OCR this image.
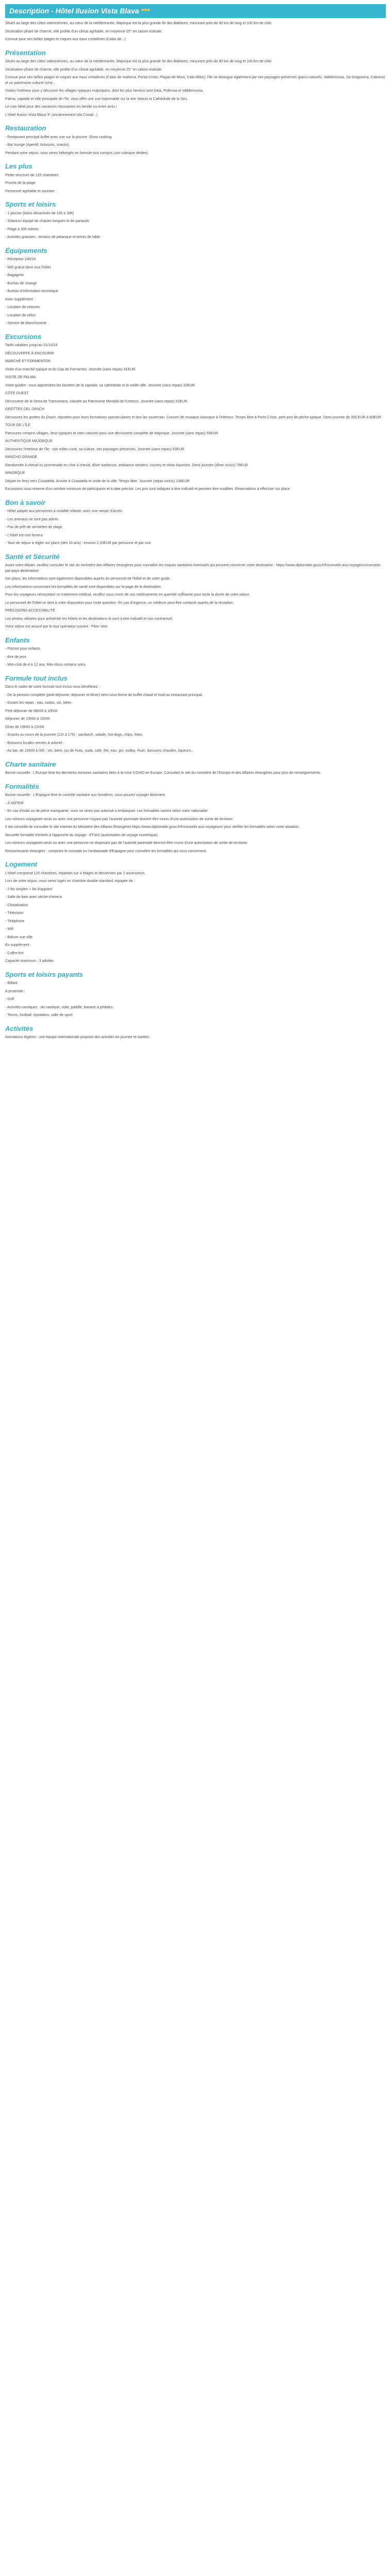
Description - Hôtel Ilusion Vista Blava ***

Situés au large des côtes valenciennes, au cœur de la méditerranée, Majorque est la plus grande île des Baléares, mesurant près de 80 km de long et 100 km de côte.

Destination phare de charme, elle profite d'un climat agréable, en moyenne 25° en saison estivale.

Connue pour ses belles plages et criques aux eaux cristallines (Calas de...)

Présentation

Situés au large des côtes valenciennes, au cœur de la méditerranée, Majorque est la plus grande île des Baléares, mesurant près de 80 km de long et 100 km de côte.

Destination phare de charme, elle profite d'un climat agréable, en moyenne 25° en saison estivale.

Connue pour ses belles plages et criques aux eaux cristallines (Calas de mallorca, Portal Cristo, Playas de Muro, Cala Millor), l'île se distingue également par ses paysages préservés (parcs naturels, Valldemossa, Sa Dragonera, Cabrera) et un patrimoine culturel riche...

Visitez l'intérieur pour y découvrir les villages typiques majorquins, dont les plus fameux sont Deià, Pollensa et Valldemossa.

Palma, capitale et ville principale de l'île, vous offre une vue imprenable sur la mer depuis la Cathédrale de la Seu.

Le coin idéal pour des vacances reposantes en famille ou entre amis !

L'hôtel Ilusion Vista Blava 3* (anciennement Isla Cristal...)

Restauration

- Restaurant principal buffet avec vue sur la piscine. Show cooking.

- Bar lounge (Aperitif, boissons, snacks)

Pendant votre séjour, vous serez hébergés en formule tout compris (voir rubrique dédiée).

Les plus

Petite structure de 125 chambres

Proche de la plage

Personnel agréable et souriant

Sports et loisirs

- 1 piscine (bains désactivés de 10h à 18h)

- Solarium équipé de chaises longues et de parasols

- Plage à 300 mètres

- Activités gratuites : terrains de pétanque et tennis de table

Équipements

- Réception 24h/24

- Wifi gratuit dans tout l'hôtel

- Bagagerie

- Bureau de change

- Bureau d'information touristique

Avec supplément :

- Location de voitures

- Location de vélos

- Service de blanchisserie

Excursions

Tarifs valables jusqu'au 31/10/24

DÉCOUVERTE À ENCOURIR

MARCHÉ ET FORMENTOR

Visite d'un marché typique et du Cap de Formentor. Journée (sans repas) 41EUR

VISITE DE PALMA

Visite guidée : vous apprendrez les facettes de la capitale, sa cathédrale et la vieille ville. Journée (sans repas) 32EUR

CÔTE OUEST

Découverte de la Serra de Tramuntana, classée au Patrimoine Mondial de l'Unesco. Journée (sans repas) 52EUR

GROTTES DEL DRACH

Découvrez les grottes du Drach, réputées pour leurs formations spectaculaires et leur lac souterrain. Concert de musique classique à l'intérieur. Temps libre à Porto Cristo, petit port de pêche typique. Demi journée de 350 EUR à 60EUR

TOUR DE L'ÎLE

Parcourez certains villages, lieux typiques et sites naturels pour une découverte complète de Majorque. Journée (sans repas) 55EUR

AUTHENTIQUE MAJORQUE

Découvrez l'intérieur de l'île : son milieu rural, sa culture, ses paysages préservés. Journée (sans repas) 53EUR

RANCHO GRANDE

Randonnée à cheval ou promenade en char à cheval, dîner barbecue, ambiance western, country et show équestre. Demi journée (dîner inclus) 78EUR

MINORQUE

Départ en ferry vers Ciutadella. Arrivée à Ciutadella et visite de la ville. Temps libre. Journée (repas inclus) 138EUR

Excursions sous réserve d'un nombre minimum de participants et à date précise. Les prix sont indiqués à titre indicatif et peuvent être modifiés. Réservations à effectuer sur place.

Bon à savoir

- Hôtel adapté aux personnes à mobilité réduite, avec une rampe d'accès.

- Les animaux ne sont pas admis.

- Pas de prêt de serviettes de plage.

- L'hôtel est non fumeur.

- Taxe de séjour à régler sur place (dès 16 ans) : environ 2,20EUR par personne et par nuit.

Santé et Sécurité

Avant votre départ, veuillez consulter le site du ministère des Affaires étrangères pour connaître les risques sanitaires éventuels qui peuvent concerner votre destination : https://www.diplomatie.gouv.fr/fr/conseils-aux-voyageurs/conseils-par-pays-destination/

Sur place, les informations sont également disponibles auprès du personnel de l'hôtel et de votre guide.

Les informations concernant les formalités de santé sont disponibles sur la page de la destination.

Pour les voyageurs nécessitant un traitement médical, veuillez vous munir de vos médicaments en quantité suffisante pour toute la durée de votre séjour.

Le personnel de l'hôtel se tient à votre disposition pour toute question. En cas d'urgence, un médecin peut être contacté auprès de la réception.

PRÉCISIONS ACCESSIBILITÉ

Les photos utilisées pour présenter les hôtels et les destinations le sont à titre indicatif et non contractuel.

Votre séjour est assuré par le tour opérateur suivant : Plein Vent

Enfants

- Piscine pour enfants

- Aire de jeux

- Mini-club de 4 à 12 ans. Mini-disco certains soirs.

Formule tout inclus

Dans le cadre de votre formule tout inclus vous bénéficiez :

- De la pension complète (petit-déjeuner, déjeuner et dîner) servi sous forme de buffet chaud et froid au restaurant principal.

- Durant les repas : eau, sodas, vin, bière.

Petit déjeuner de 08h00 à 10h00

Déjeuner de 13h00 à 15h00

Dîner de 19h00 à 21h00

- Snacks au cours de la journée (11h à 17h) : sandwich, salade, hot-dogs, chips, frites.

- Boissons locales servies à volonté :

- Au bar, de 10h00 à 00h : vin, bière, jus de fruits, soda, café, thé, eau, gin, vodka, rhum, boissons chaudes, liqueurs...

Charte sanitaire

Bonne nouvelle : L'Europe lève les dernières mesures sanitaires liées à la crise COVID en Europe. Consultez le site du ministère de l'Europe et des Affaires étrangères pour plus de renseignements.

Formalités

Bonne nouvelle : L'Espagne lève le contrôle sanitaire aux frontières, vous pouvez voyager librement.

- À NOTER

- En cas d'oubli ou de pièce manquante, vous ne serez pas autorisé à embarquer. Les formalités varient selon votre nationalité.

Les mineurs voyageant seuls ou avec une personne n'ayant pas l'autorité parentale doivent être munis d'une autorisation de sortie de territoire.

Il est conseillé de consulter le site internet du Ministère des Affaires Étrangères https://www.diplomatie.gouv.fr/fr/conseils-aux-voyageurs/ pour vérifier les formalités selon votre situation.

Nouvelle formalité d'entrée à l'approche du voyage : ETIAS (autorisation de voyage numérique).

Les mineurs voyageant seuls ou avec une personne ne disposant pas de l'autorité parentale devront être munis d'une autorisation de sortie de territoire.

Ressortissants étrangers : contactez le consulat ou l'ambassade d'Espagne pour connaître les formalités qui vous concernent.

Logement

L'hôtel comprend 125 chambres, réparties sur 4 étages et desservies par 2 ascenseurs.

Lors de votre séjour, vous serez logés en chambre double standard, équipée de :

- 2 lits simples + lits d'appoint

- Salle de bain avec sèche-cheveux

- Climatisation

- Télévision

- Téléphone

- Wifi

- Balcon vue ville

En supplément :

- Coffre-fort

Capacité maximum : 3 adultes

Sports et loisirs payants

- Billard

A proximité :

- Golf

- Activités nautiques : ski nautique, voile, paddle, banane à pédales.

- Tennis, football, équitation, salle de sport

Activités

Animations légères : une équipe internationale propose des activités en journée et soirées.
